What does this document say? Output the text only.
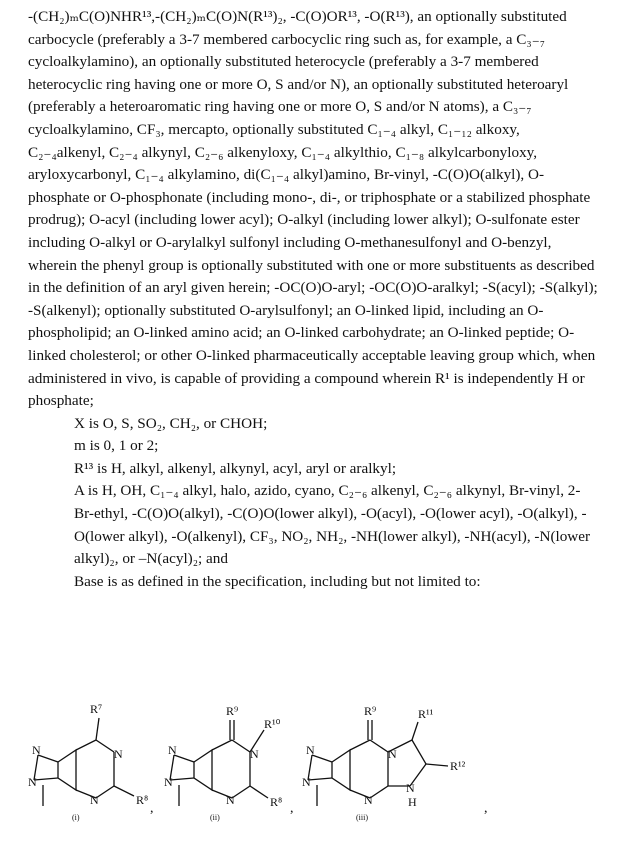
-(CH₂)ₘC(O)NHR¹³,-(CH₂)ₘC(O)N(R¹³)₂, -C(O)OR¹³, -O(R¹³), an optionally substituted carbocycle (preferably a 3-7 membered carbocyclic ring such as, for example, a C₃₋₇ cycloalkylamino), an optionally substituted heterocycle (preferably a 3-7 membered heterocyclic ring having one or more O, S and/or N), an optionally substituted heteroaryl (preferably a heteroaromatic ring having one or more O, S and/or N atoms), a C₃₋₇ cycloalkylamino, CF₃, mercapto, optionally substituted C₁₋₄ alkyl, C₁₋₁₂ alkoxy, C₂₋₄alkenyl, C₂₋₄ alkynyl, C₂₋₆ alkenyloxy, C₁₋₄ alkylthio, C₁₋₈ alkylcarbonyloxy, aryloxycarbonyl, C₁₋₄ alkylamino, di(C₁₋₄ alkyl)amino, Br-vinyl, -C(O)O(alkyl), O-phosphate or O-phosphonate (including mono-, di-, or triphosphate or a stabilized phosphate prodrug); O-acyl (including lower acyl); O-alkyl (including lower alkyl); O-sulfonate ester including O-alkyl or O-arylalkyl sulfonyl including O-methanesulfonyl and O-benzyl, wherein the phenyl group is optionally substituted with one or more substituents as described in the definition of an aryl given herein; -OC(O)O-aryl; -OC(O)O-aralkyl; -S(acyl); -S(alkyl); -S(alkenyl); optionally substituted O-arylsulfonyl; an O-linked lipid, including an O-phospholipid; an O-linked amino acid; an O-linked carbohydrate; an O-linked peptide; O-linked cholesterol; or other O-linked pharmaceutically acceptable leaving group which, when administered in vivo, is capable of providing a compound wherein R¹ is independently H or phosphate;

X is O, S, SO₂, CH₂, or CHOH;

m is 0, 1 or 2;

R¹³ is H, alkyl, alkenyl, alkynyl, acyl, aryl or aralkyl;

A is H, OH, C₁₋₄ alkyl, halo, azido, cyano, C₂₋₆ alkenyl, C₂₋₆ alkynyl, Br-vinyl, 2-Br-ethyl, -C(O)O(alkyl), -C(O)O(lower alkyl), -O(acyl), -O(lower acyl), -O(alkyl), -O(lower alkyl), -O(alkenyl), CF₃, NO₂, NH₂, -NH(lower alkyl), -NH(acyl), -N(lower alkyl)₂, or –N(acyl)₂; and

Base is as defined in the specification, including but not limited to:

R⁷
N
N
N
N	R⁸
(i)
R⁹
N
N
N
N
R¹⁰
R⁸
(ii)
R⁹
N
N
N
N
N
H
R¹¹
R¹²
(iii)
,	,	,
